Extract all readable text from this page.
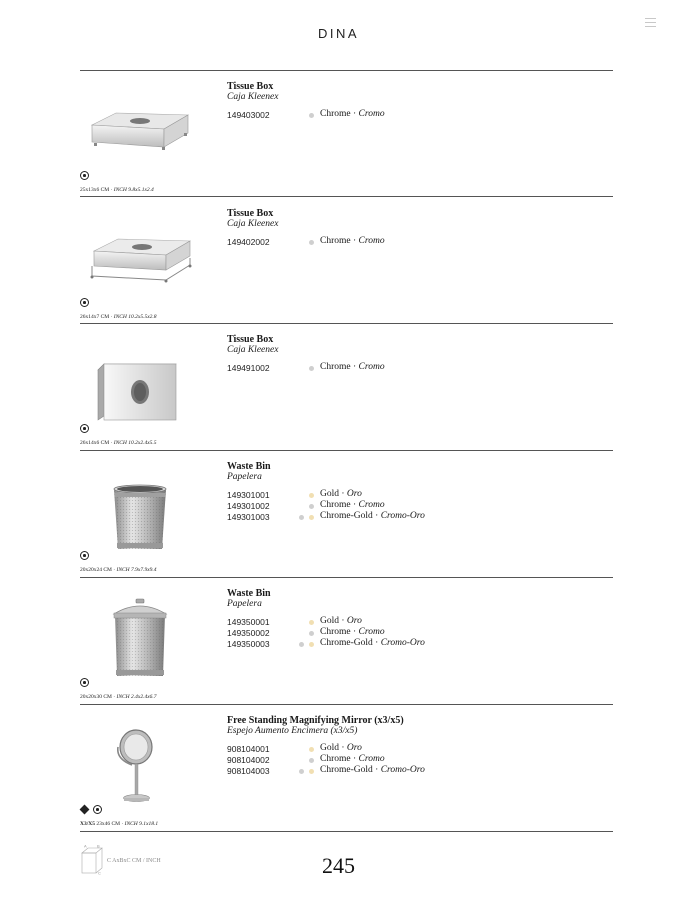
DINA
25x13x6 CM · INCH 9.8x5.1x2.4
Tissue Box
Caja Kleenex
149403002	Chrome · Cromo
26x14x7 CM · INCH 10.2x5.5x2.8
Tissue Box
Caja Kleenex
149402002	Chrome · Cromo
26x14x6 CM · INCH 10.2x2.4x5.5
Tissue Box
Caja Kleenex
149491002	Chrome · Cromo
20x20x24 CM · INCH 7.9x7.9x9.4
Waste Bin
Papelera
149301001	Gold · Oro
149301002	Chrome · Cromo
149301003	Chrome-Gold · Cromo-Oro
20x20x30 CM · INCH 2.4x2.4x6.7
Waste Bin
Papelera
149350001	Gold · Oro
149350002	Chrome · Cromo
149350003	Chrome-Gold · Cromo-Oro
X3/X5 23x46 CM · INCH 9.1x18.1
Free Standing Magnifying Mirror (x3/x5)
Espejo Aumento Encimera (x3/x5)
908104001	Gold · Oro
908104002	Chrome · Cromo
908104003	Chrome-Gold · Cromo-Oro
A	B
C
C AxBxC CM / INCH	245
